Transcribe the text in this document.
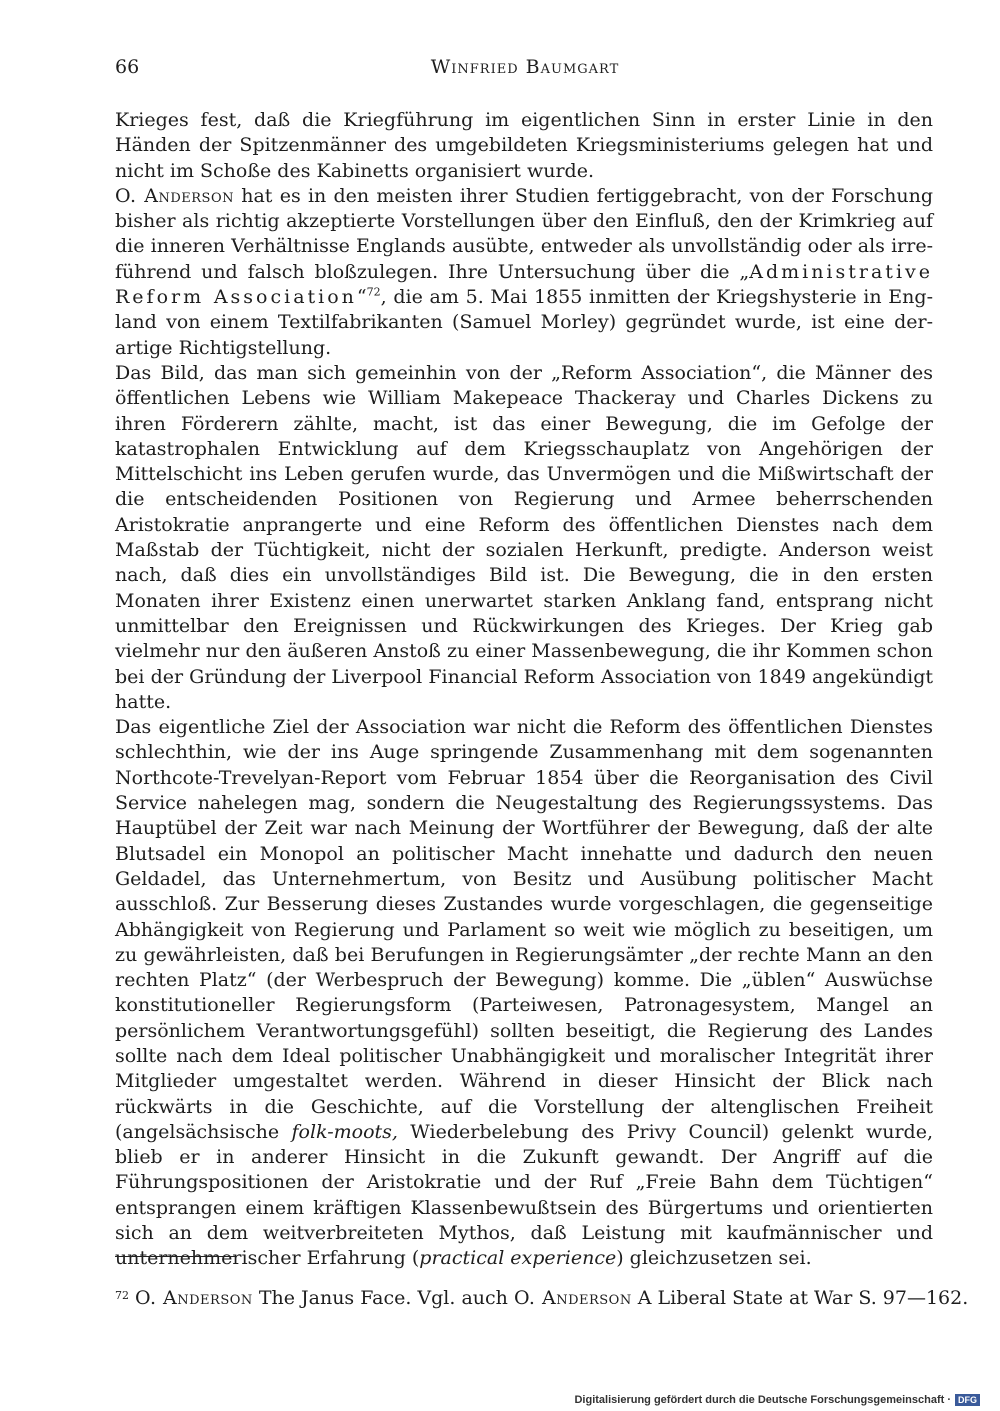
66	Winfried Baumgart

Krieges fest, daß die Kriegführung im eigentlichen Sinn in erster Linie in den Händen der Spitzenmänner des umgebildeten Kriegsministeriums gelegen hat und nicht im Schoße des Kabinetts organisiert wurde.

O. Anderson hat es in den meisten ihrer Studien fertiggebracht, von der Forschung bisher als richtig akzeptierte Vorstellungen über den Einfluß, den der Krimkrieg auf die inneren Verhältnisse Englands ausübte, entweder als unvollständig oder als irreführend und falsch bloßzulegen. Ihre Untersuchung über die „Administrative Reform Association“$^{72}$, die am 5. Mai 1855 inmitten der Kriegshysterie in England von einem Textilfabrikanten (Samuel Morley) gegründet wurde, ist eine derartige Richtigstellung.

Das Bild, das man sich gemeinhin von der „Reform Association“, die Männer des öffentlichen Lebens wie William Makepeace Thackeray und Charles Dickens zu ihren Förderern zählte, macht, ist das einer Bewegung, die im Gefolge der katastrophalen Entwicklung auf dem Kriegsschauplatz von Angehörigen der Mittelschicht ins Leben gerufen wurde, das Unvermögen und die Mißwirtschaft der die entscheidenden Positionen von Regierung und Armee beherrschenden Aristokratie anprangerte und eine Reform des öffentlichen Dienstes nach dem Maßstab der Tüchtigkeit, nicht der sozialen Herkunft, predigte. Anderson weist nach, daß dies ein unvollständiges Bild ist. Die Bewegung, die in den ersten Monaten ihrer Existenz einen unerwartet starken Anklang fand, entsprang nicht unmittelbar den Ereignissen und Rückwirkungen des Krieges. Der Krieg gab vielmehr nur den äußeren Anstoß zu einer Massenbewegung, die ihr Kommen schon bei der Gründung der Liverpool Financial Reform Association von 1849 angekündigt hatte.

Das eigentliche Ziel der Association war nicht die Reform des öffentlichen Dienstes schlechthin, wie der ins Auge springende Zusammenhang mit dem sogenannten Northcote-Trevelyan-Report vom Februar 1854 über die Reorganisation des Civil Service nahelegen mag, sondern die Neugestaltung des Regierungssystems. Das Hauptübel der Zeit war nach Meinung der Wortführer der Bewegung, daß der alte Blutsadel ein Monopol an politischer Macht innehatte und dadurch den neuen Geldadel, das Unternehmertum, von Besitz und Ausübung politischer Macht ausschloß. Zur Besserung dieses Zustandes wurde vorgeschlagen, die gegenseitige Abhängigkeit von Regierung und Parlament so weit wie möglich zu beseitigen, um zu gewährleisten, daß bei Berufungen in Regierungsämter „der rechte Mann an den rechten Platz“ (der Werbespruch der Bewegung) komme. Die „üblen“ Auswüchse konstitutioneller Regierungsform (Parteiwesen, Patronagesystem, Mangel an persönlichem Verantwortungsgefühl) sollten beseitigt, die Regierung des Landes sollte nach dem Ideal politischer Unabhängigkeit und moralischer Integrität ihrer Mitglieder umgestaltet werden. Während in dieser Hinsicht der Blick nach rückwärts in die Geschichte, auf die Vorstellung der altenglischen Freiheit (angelsächsische folk-moots, Wiederbelebung des Privy Council) gelenkt wurde, blieb er in anderer Hinsicht in die Zukunft gewandt. Der Angriff auf die Führungspositionen der Aristokratie und der Ruf „Freie Bahn dem Tüchtigen“ entsprangen einem kräftigen Klassenbewußtsein des Bürgertums und orientierten sich an dem weitverbreiteten Mythos, daß Leistung mit kaufmännischer und unternehmerischer Erfahrung (practical experience) gleichzusetzen sei.

$^{72}$ O. Anderson The Janus Face. Vgl. auch O. Anderson A Liberal State at War S. 97—162.
Digitalisierung gefördert durch die Deutsche Forschungsgemeinschaft · DFG
